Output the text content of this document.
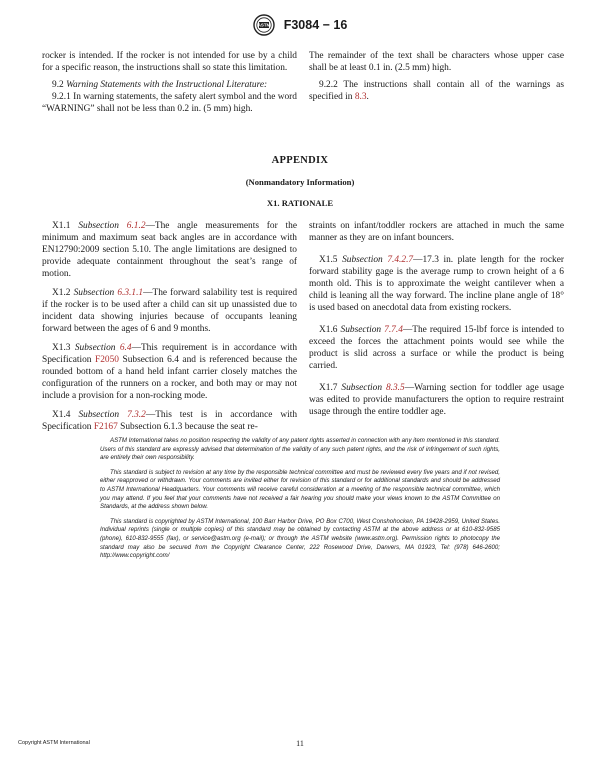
ASTM F3084 − 16

rocker is intended. If the rocker is not intended for use by a child for a specific reason, the instructions shall so state this limitation.

9.2 Warning Statements with the Instructional Literature:

9.2.1 In warning statements, the safety alert symbol and the word “WARNING” shall not be less than 0.2 in. (5 mm) high.

The remainder of the text shall be characters whose upper case shall be at least 0.1 in. (2.5 mm) high.

9.2.2 The instructions shall contain all of the warnings as specified in 8.3.

APPENDIX
(Nonmandatory Information)
X1. RATIONALE

X1.1 Subsection 6.1.2—The angle measurements for the minimum and maximum seat back angles are in accordance with EN12790:2009 section 5.10. The angle limitations are designed to provide adequate containment throughout the seat’s range of motion.

X1.2 Subsection 6.3.1.1—The forward salability test is required if the rocker is to be used after a child can sit up unassisted due to incident data showing injuries because of occupants leaning forward between the ages of 6 and 9 months.

X1.3 Subsection 6.4—This requirement is in accordance with Specification F2050 Subsection 6.4 and is referenced because the rounded bottom of a hand held infant carrier closely matches the configuration of the runners on a rocker, and both may or may not include a provision for a non-rocking mode.

X1.4 Subsection 7.3.2—This test is in accordance with Specification F2167 Subsection 6.1.3 because the seat re-

straints on infant/toddler rockers are attached in much the same manner as they are on infant bouncers.

X1.5 Subsection 7.4.2.7—17.3 in. plate length for the rocker forward stability gage is the average rump to crown height of a 6 month old. This is to approximate the weight cantilever when a child is leaning all the way forward. The incline plane angle of 18° is used based on anecdotal data from existing rockers.

X1.6 Subsection 7.7.4—The required 15-lbf force is intended to exceed the forces the attachment points would see while the product is slid across a surface or while the product is being carried.

X1.7 Subsection 8.3.5—Warning section for toddler age usage was edited to provide manufacturers the option to require restraint usage through the entire toddler age.

ASTM International takes no position respecting the validity of any patent rights asserted in connection with any item mentioned in this standard. Users of this standard are expressly advised that determination of the validity of any such patent rights, and the risk of infringement of such rights, are entirely their own responsibility.

This standard is subject to revision at any time by the responsible technical committee and must be reviewed every five years and if not revised, either reapproved or withdrawn. Your comments are invited either for revision of this standard or for additional standards and should be addressed to ASTM International Headquarters. Your comments will receive careful consideration at a meeting of the responsible technical committee, which you may attend. If you feel that your comments have not received a fair hearing you should make your views known to the ASTM Committee on Standards, at the address shown below.

This standard is copyrighted by ASTM International, 100 Barr Harbor Drive, PO Box C700, West Conshohocken, PA 19428-2959, United States. Individual reprints (single or multiple copies) of this standard may be obtained by contacting ASTM at the above address or at 610-832-9585 (phone), 610-832-9555 (fax), or service@astm.org (e-mail); or through the ASTM website (www.astm.org). Permission rights to photocopy the standard may also be secured from the Copyright Clearance Center, 222 Rosewood Drive, Danvers, MA 01923, Tel: (978) 646-2600; http://www.copyright.com/

Copyright ASTM International	11
